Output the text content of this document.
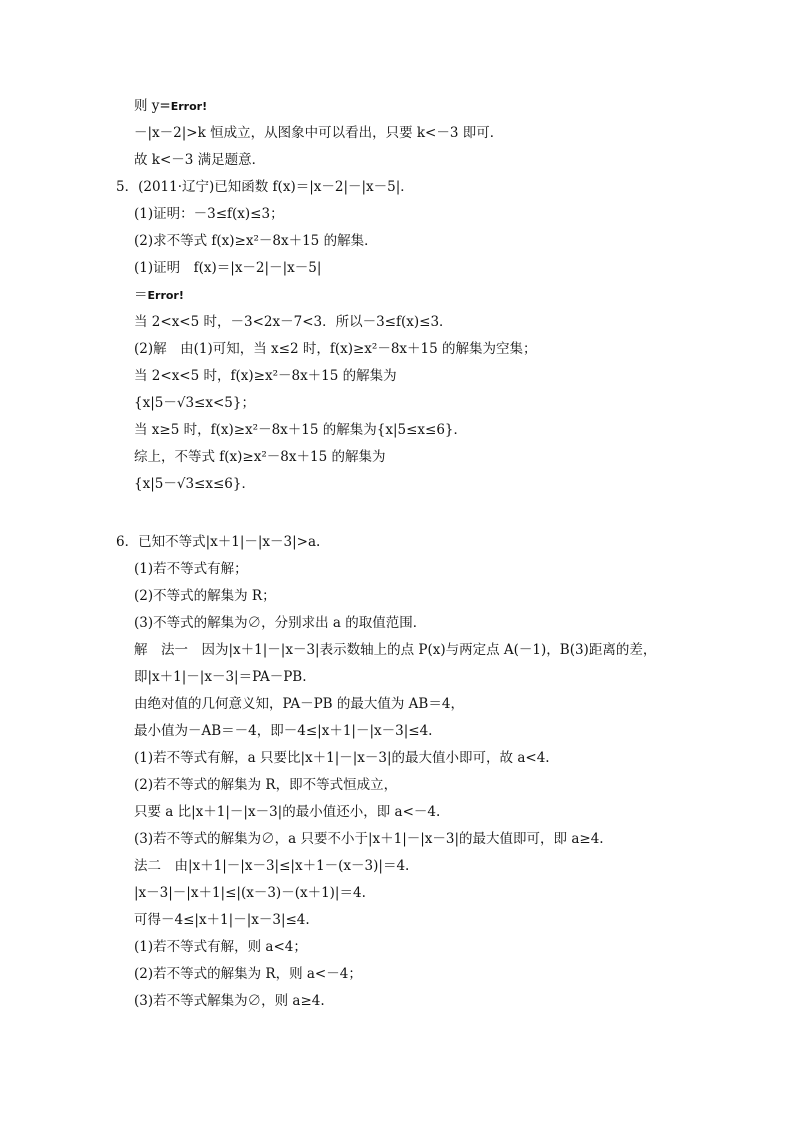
则 y=Error!
－|x－2|>k 恒成立，从图象中可以看出，只要 k<－3 即可．
故 k<－3 满足题意．
5．(2011·辽宁)已知函数 f(x)＝|x－2|－|x－5|．
(1)证明：－3≤f(x)≤3；
(2)求不等式 f(x)≥x²－8x＋15 的解集．
(1)证明　f(x)＝|x－2|－|x－5|
＝Error!
当 2<x<5 时，－3<2x－7<3．所以－3≤f(x)≤3．
(2)解　由(1)可知，当 x≤2 时，f(x)≥x²－8x＋15 的解集为空集；
当 2<x<5 时，f(x)≥x²－8x＋15 的解集为
{x|5－√3≤x<5}；
当 x≥5 时，f(x)≥x²－8x＋15 的解集为{x|5≤x≤6}．
综上，不等式 f(x)≥x²－8x＋15 的解集为
{x|5－√3≤x≤6}．
6．已知不等式|x＋1|－|x－3|>a.
(1)若不等式有解；
(2)不等式的解集为 R；
(3)不等式的解集为∅，分别求出 a 的取值范围．
解　法一　因为|x＋1|－|x－3|表示数轴上的点 P(x)与两定点 A(－1)，B(3)距离的差，
即|x＋1|－|x－3|＝PA－PB.
由绝对值的几何意义知，PA－PB 的最大值为 AB＝4，
最小值为－AB＝－4，即－4≤|x＋1|－|x－3|≤4.
(1)若不等式有解，a 只要比|x＋1|－|x－3|的最大值小即可，故 a<4.
(2)若不等式的解集为 R，即不等式恒成立，
只要 a 比|x＋1|－|x－3|的最小值还小，即 a<－4.
(3)若不等式的解集为∅，a 只要不小于|x＋1|－|x－3|的最大值即可，即 a≥4.
法二　由|x＋1|－|x－3|≤|x＋1－(x－3)|＝4.
|x－3|－|x＋1|≤|(x－3)－(x＋1)|＝4.
可得－4≤|x＋1|－|x－3|≤4.
(1)若不等式有解，则 a<4；
(2)若不等式的解集为 R，则 a<－4；
(3)若不等式解集为∅，则 a≥4.
